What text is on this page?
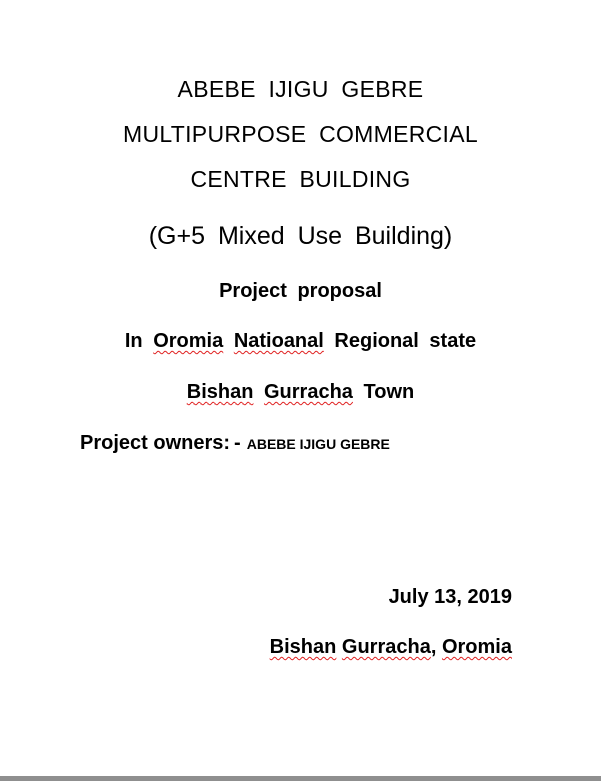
ABEBE IJIGU GEBRE
MULTIPURPOSE COMMERCIAL
CENTRE BUILDING
(G+5 Mixed Use Building)
Project proposal
In Oromia Natioanal Regional state
Bishan Gurracha Town
Project owners: - ABEBE IJIGU GEBRE
July 13, 2019
Bishan Gurracha, Oromia
